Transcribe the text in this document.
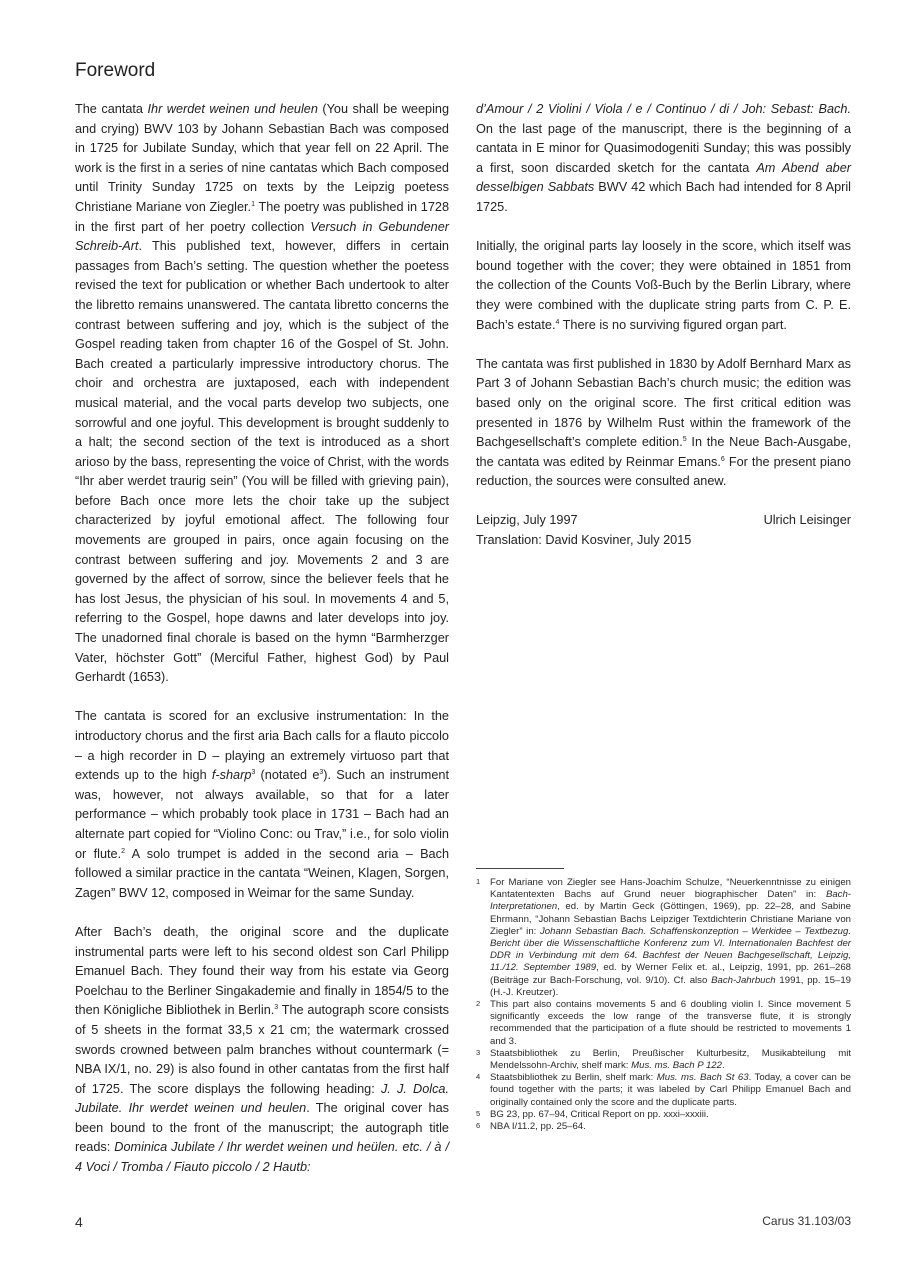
Foreword

The cantata Ihr werdet weinen und heulen (You shall be weeping and crying) BWV 103 by Johann Sebastian Bach was composed in 1725 for Jubilate Sunday, which that year fell on 22 April. The work is the first in a series of nine cantatas which Bach composed until Trinity Sunday 1725 on texts by the Leipzig poetess Christiane Mariane von Ziegler.$^1$ The poetry was published in 1728 in the first part of her poetry collection Versuch in Gebundener Schreib-Art. This published text, however, differs in certain passages from Bach’s setting. The question whether the poetess revised the text for publication or whether Bach undertook to alter the libretto remains unanswered. The cantata libretto concerns the contrast between suffering and joy, which is the subject of the Gospel reading taken from chapter 16 of the Gospel of St. John. Bach created a particularly impressive introductory chorus. The choir and orchestra are juxtaposed, each with independent musical material, and the vocal parts develop two subjects, one sorrowful and one joyful. This development is brought suddenly to a halt; the second section of the text is introduced as a short arioso by the bass, representing the voice of Christ, with the words “Ihr aber werdet traurig sein” (You will be filled with grieving pain), before Bach once more lets the choir take up the subject characterized by joyful emotional affect. The following four movements are grouped in pairs, once again focusing on the contrast between suffering and joy. Movements 2 and 3 are governed by the affect of sorrow, since the believer feels that he has lost Jesus, the physician of his soul. In movements 4 and 5, referring to the Gospel, hope dawns and later develops into joy. The unadorned final chorale is based on the hymn “Barmherzger Vater, höchster Gott” (Merciful Father, highest God) by Paul Gerhardt (1653).

The cantata is scored for an exclusive instrumentation: In the introductory chorus and the first aria Bach calls for a flauto piccolo – a high recorder in D – playing an extremely virtuoso part that extends up to the high f-sharp$^3$ (notated $e^3$). Such an instrument was, however, not always available, so that for a later performance – which probably took place in 1731 – Bach had an alternate part copied for “Violino Conc: ou Trav,” i.e., for solo violin or flute.$^2$ A solo trumpet is added in the second aria – Bach followed a similar practice in the cantata “Weinen, Klagen, Sorgen, Zagen” BWV 12, composed in Weimar for the same Sunday.

After Bach’s death, the original score and the duplicate instrumental parts were left to his second oldest son Carl Philipp Emanuel Bach. They found their way from his estate via Georg Poelchau to the Berliner Singakademie and finally in 1854/5 to the then Königliche Bibliothek in Berlin.$^3$ The autograph score consists of 5 sheets in the format 33,5 x 21 cm; the watermark crossed swords crowned between palm branches without countermark (= NBA IX/1, no. 29) is also found in other cantatas from the first half of 1725. The score displays the following heading: J. J. Dolca. Jubilate. Ihr werdet weinen und heulen. The original cover has been bound to the front of the manuscript; the autograph title reads: Dominica Jubilate / Ihr werdet weinen und heülen. etc. / à / 4 Voci / Tromba / Fiauto piccolo / 2 Hautb:

d’Amour / 2 Violini / Viola / e / Continuo / di / Joh: Sebast: Bach. On the last page of the manuscript, there is the beginning of a cantata in E minor for Quasimodogeniti Sunday; this was possibly a first, soon discarded sketch for the cantata Am Abend aber desselbigen Sabbats BWV 42 which Bach had intended for 8 April 1725.

Initially, the original parts lay loosely in the score, which itself was bound together with the cover; they were obtained in 1851 from the collection of the Counts Voß-Buch by the Berlin Library, where they were combined with the duplicate string parts from C. P. E. Bach’s estate.$^4$ There is no surviving figured organ part.

The cantata was first published in 1830 by Adolf Bernhard Marx as Part 3 of Johann Sebastian Bach’s church music; the edition was based only on the original score. The first critical edition was presented in 1876 by Wilhelm Rust within the framework of the Bachgesellschaft’s complete edition.$^5$ In the Neue Bach-Ausgabe, the cantata was edited by Reinmar Emans.$^6$ For the present piano reduction, the sources were consulted anew.

Leipzig, July 1997	Ulrich Leisinger

Translation: David Kosviner, July 2015

1	For Mariane von Ziegler see Hans-Joachim Schulze, “Neuerkenntnisse zu einigen Kantatentexten Bachs auf Grund neuer biographischer Daten” in: Bach-Interpretationen, ed. by Martin Geck (Göttingen, 1969), pp. 22–28, and Sabine Ehrmann, “Johann Sebastian Bachs Leipziger Textdichterin Christiane Mariane von Ziegler” in: Johann Sebastian Bach. Schaffenskonzeption – Werkidee – Textbezug. Bericht über die Wissenschaftliche Konferenz zum VI. Internationalen Bachfest der DDR in Verbindung mit dem 64. Bachfest der Neuen Bachgesellschaft, Leipzig, 11./12. September 1989, ed. by Werner Felix et. al., Leipzig, 1991, pp. 261–268 (Beiträge zur Bach-Forschung, vol. 9/10). Cf. also Bach-Jahrbuch 1991, pp. 15–19 (H.-J. Kreutzer).

2	This part also contains movements 5 and 6 doubling violin I. Since movement 5 significantly exceeds the low range of the transverse flute, it is strongly recommended that the participation of a flute should be restricted to movements 1 and 3.

3	Staatsbibliothek zu Berlin, Preußischer Kulturbesitz, Musikabteilung mit Mendelssohn-Archiv, shelf mark: Mus. ms. Bach P 122.

4	Staatsbibliothek zu Berlin, shelf mark: Mus. ms. Bach St 63. Today, a cover can be found together with the parts; it was labeled by Carl Philipp Emanuel Bach and originally contained only the score and the duplicate parts.

5	BG 23, pp. 67–94, Critical Report on pp. xxxi–xxxiii.

6	NBA I/11.2, pp. 25–64.

4	Carus 31.103/03
